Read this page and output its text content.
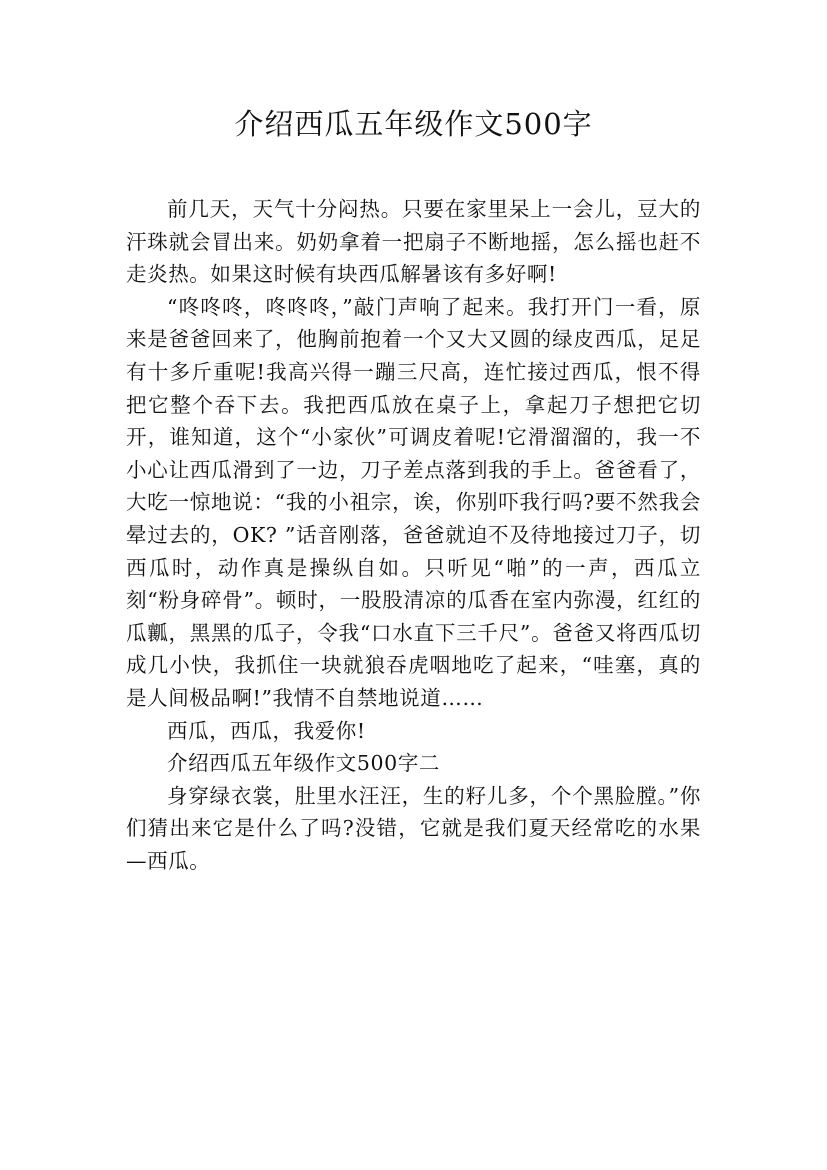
介绍西瓜五年级作文500字

前几天，天气十分闷热。只要在家里呆上一会儿，豆大的汗珠就会冒出来。奶奶拿着一把扇子不断地摇，怎么摇也赶不走炎热。如果这时候有块西瓜解暑该有多好啊!

“咚咚咚，咚咚咚，”敲门声响了起来。我打开门一看，原来是爸爸回来了，他胸前抱着一个又大又圆的绿皮西瓜，足足有十多斤重呢!我高兴得一蹦三尺高，连忙接过西瓜，恨不得把它整个吞下去。我把西瓜放在桌子上，拿起刀子想把它切开，谁知道，这个“小家伙”可调皮着呢!它滑溜溜的，我一不小心让西瓜滑到了一边，刀子差点落到我的手上。爸爸看了，大吃一惊地说：“我的小祖宗，诶，你别吓我行吗?要不然我会晕过去的，OK? ”话音刚落，爸爸就迫不及待地接过刀子，切西瓜时，动作真是操纵自如。只听见“啪”的一声，西瓜立刻“粉身碎骨”。顿时，一股股清凉的瓜香在室内弥漫，红红的瓜瓤，黑黑的瓜子，令我“口水直下三千尺”。爸爸又将西瓜切成几小快，我抓住一块就狼吞虎咽地吃了起来，“哇塞，真的是人间极品啊!”我情不自禁地说道……

西瓜，西瓜，我爱你!

介绍西瓜五年级作文500字二

身穿绿衣裳，肚里水汪汪，生的籽儿多，个个黑脸膛。”你们猜出来它是什么了吗?没错，它就是我们夏天经常吃的水果—西瓜。
